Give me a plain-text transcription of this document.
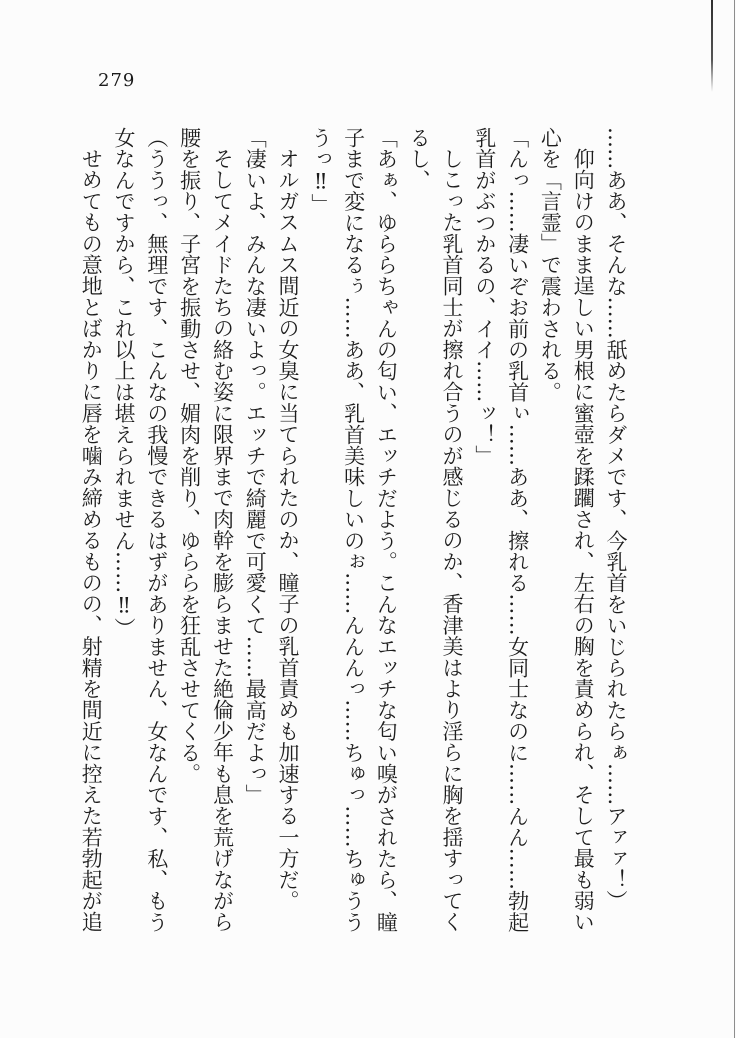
279

……ああ、そんな……舐めたらダメです、今乳首をいじられたらぁ……アァァ！）

仰向けのまま逞しい男根に蜜壺を蹂躙され、左右の胸を責められ、そして最も弱い

心を「言霊」で震わされる。

「んっ……凄いぞお前の乳首ぃ……ああ、擦れる……女同士なのに……んん……勃起

乳首がぶつかるの、イイ……ッ！」

しこった乳首同士が擦れ合うのが感じるのか、香津美はより淫らに胸を揺すってく

るし、

「あぁ、ゆららちゃんの匂い、エッチだよう。こんなエッチな匂い嗅がされたら、瞳

子まで変になるぅ……ああ、乳首美味しいのぉ……んんんっ……ちゅっ……ちゅうう

うっ‼」

オルガスムス間近の女臭に当てられたのか、瞳子の乳首責めも加速する一方だ。

「凄いよ、みんな凄いよっ。エッチで綺麗で可愛くて……最高だよっ」

そしてメイドたちの絡む姿に限界まで肉幹を膨らませた絶倫少年も息を荒げながら

腰を振り、子宮を振動させ、媚肉を削り、ゆららを狂乱させてくる。

（ううっ、無理です、こんなの我慢できるはずがありません、女なんです、私、もう

女なんですから、これ以上は堪えられません……‼）

せめてもの意地とばかりに唇を噛み締めるものの、射精を間近に控えた若勃起が追
